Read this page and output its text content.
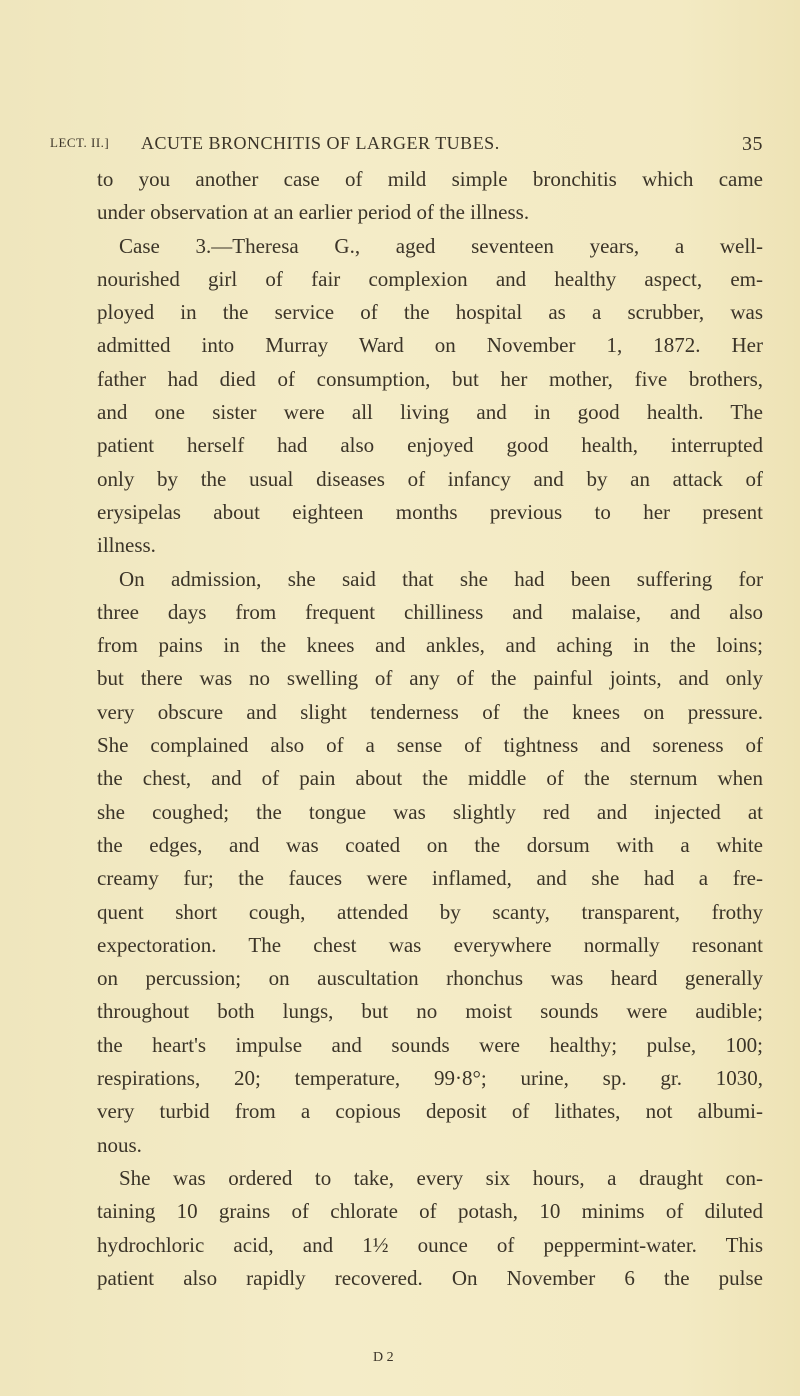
LECT. II.] ACUTE BRONCHITIS OF LARGER TUBES.	35
to you another case of mild simple bronchitis which came
under observation at an earlier period of the illness.
Case 3.—Theresa G., aged seventeen years, a well-
nourished girl of fair complexion and healthy aspect, em-
ployed in the service of the hospital as a scrubber, was
admitted into Murray Ward on November 1, 1872. Her
father had died of consumption, but her mother, five brothers,
and one sister were all living and in good health. The
patient herself had also enjoyed good health, interrupted
only by the usual diseases of infancy and by an attack of
erysipelas about eighteen months previous to her present
illness.
On admission, she said that she had been suffering for
three days from frequent chilliness and malaise, and also
from pains in the knees and ankles, and aching in the loins;
but there was no swelling of any of the painful joints, and only
very obscure and slight tenderness of the knees on pressure.
She complained also of a sense of tightness and soreness of
the chest, and of pain about the middle of the sternum when
she coughed; the tongue was slightly red and injected at
the edges, and was coated on the dorsum with a white
creamy fur; the fauces were inflamed, and she had a fre-
quent short cough, attended by scanty, transparent, frothy
expectoration. The chest was everywhere normally resonant
on percussion; on auscultation rhonchus was heard generally
throughout both lungs, but no moist sounds were audible;
the heart's impulse and sounds were healthy; pulse, 100;
respirations, 20; temperature, 99·8°; urine, sp. gr. 1030,
very turbid from a copious deposit of lithates, not albumi-
nous.
She was ordered to take, every six hours, a draught con-
taining 10 grains of chlorate of potash, 10 minims of diluted
hydrochloric acid, and 1½ ounce of peppermint-water. This
patient also rapidly recovered. On November 6 the pulse
D 2
